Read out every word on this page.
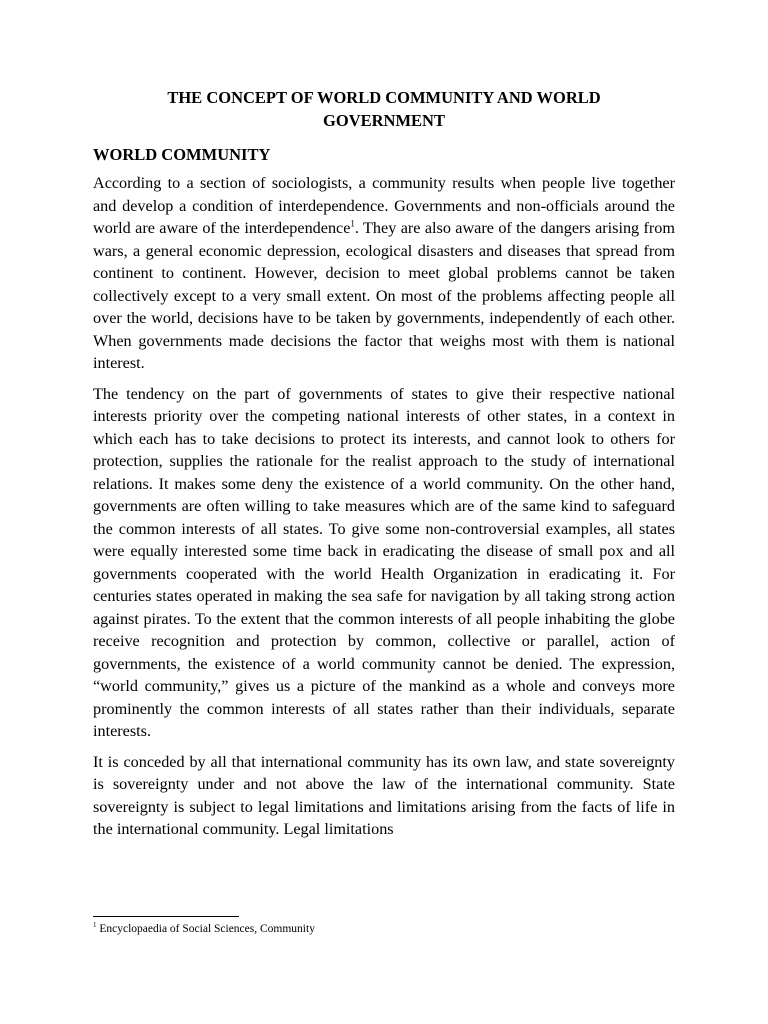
THE CONCEPT OF WORLD COMMUNITY AND WORLD GOVERNMENT
WORLD COMMUNITY

According to a section of sociologists, a community results when people live together and develop a condition of interdependence. Governments and non-officials around the world are aware of the interdependence$^1$. They are also aware of the dangers arising from wars, a general economic depression, ecological disasters and diseases that spread from continent to continent. However, decision to meet global problems cannot be taken collectively except to a very small extent. On most of the problems affecting people all over the world, decisions have to be taken by governments, independently of each other. When governments made decisions the factor that weighs most with them is national interest.

The tendency on the part of governments of states to give their respective national interests priority over the competing national interests of other states, in a context in which each has to take decisions to protect its interests, and cannot look to others for protection, supplies the rationale for the realist approach to the study of international relations. It makes some deny the existence of a world community. On the other hand, governments are often willing to take measures which are of the same kind to safeguard the common interests of all states. To give some non-controversial examples, all states were equally interested some time back in eradicating the disease of small pox and all governments cooperated with the world Health Organization in eradicating it. For centuries states operated in making the sea safe for navigation by all taking strong action against pirates. To the extent that the common interests of all people inhabiting the globe receive recognition and protection by common, collective or parallel, action of governments, the existence of a world community cannot be denied. The expression, “world community,” gives us a picture of the mankind as a whole and conveys more prominently the common interests of all states rather than their individuals, separate interests.

It is conceded by all that international community has its own law, and state sovereignty is sovereignty under and not above the law of the international community. State sovereignty is subject to legal limitations and limitations arising from the facts of life in the international community. Legal limitations

$^1$ Encyclopaedia of Social Sciences, Community
